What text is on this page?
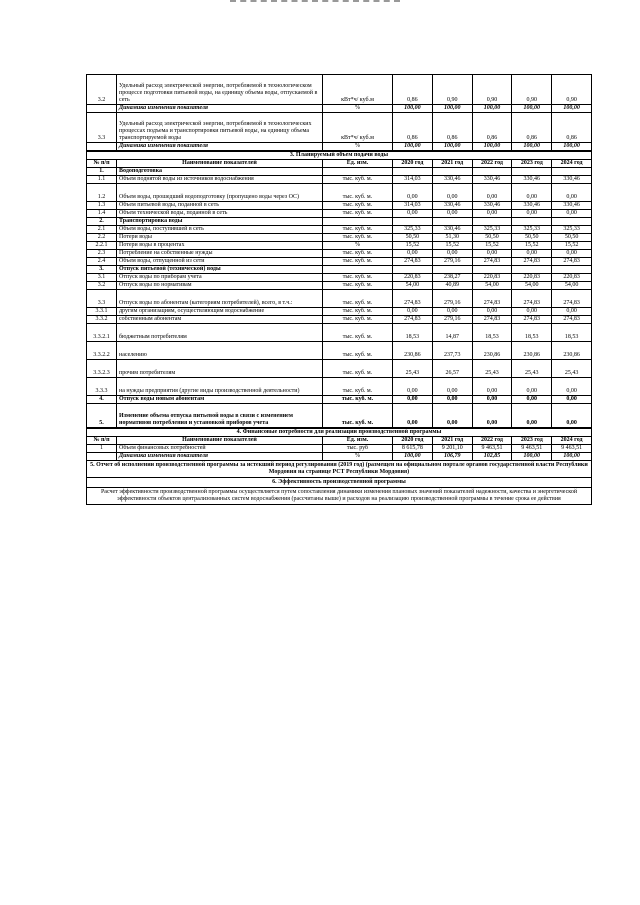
3.2	Удельный расход электрической энергии, потребляемой в технологическом процессе подготовки питьевой воды, на единицу объема воды, отпускаемой в сеть	кВт*ч/ куб.м	0,86	0,90	0,90	0,90	0,90
	Динамика изменения показателя	%	100,00	100,00	100,00	100,00	100,00
3.3	Удельный расход электрической энергии, потребляемой в технологических процессах подъема и транспортировки питьевой воды, на единицу объема транспортируемой воды	кВт*ч/ куб.м	0,86	0,86	0,86	0,86	0,86
	Динамика изменения показателя	%	100,00	100,00	100,00	100,00	100,00
3. Планируемый объем подачи воды							
№ п/п	Наименование показателей	Ед. изм.	2020 год	2021 год	2022 год	2023 год	2024 год
1.	Водоподготовка						
1.1	Объем поднятой воды из источников водоснабжения	тыс. куб. м.	314,03	330,46	330,46	330,46	330,46
1.2	Объем воды, прошедший водоподготовку (пропущено воды через ОС)	тыс. куб. м.	0,00	0,00	0,00	0,00	0,00
1.3	Объем питьевой воды, поданной в сеть	тыс. куб. м.	314,03	330,46	330,46	330,46	330,46
1.4	Объем технической воды, поданной в сеть	тыс. куб. м.	0,00	0,00	0,00	0,00	0,00
2.	Транспортировка воды						
2.1	Объем воды, поступившей в сеть	тыс. куб. м.	325,33	330,46	325,33	325,33	325,33
2.2	Потери воды	тыс. куб. м.	50,50	51,30	50,50	50,50	50,50
2.2.1	Потери воды в процентах	%	15,52	15,52	15,52	15,52	15,52
2.3	Потребление на собственные нужды	тыс. куб. м.	0,00	0,00	0,00	0,00	0,00
2.4	Объем воды, отпущенной из сети	тыс. куб. м.	274,83	279,16	274,83	274,83	274,83
3.	Отпуск питьевой (технической) воды						
3.1	Отпуск воды по приборам учета	тыс. куб. м.	220,83	238,27	220,83	220,83	220,83
3.2	Отпуск воды по нормативам	тыс. куб. м.	54,00	40,89	54,00	54,00	54,00
3.3	Отпуск воды по абонентам (категориям потребителей), всего, в т.ч.:	тыс. куб. м.	274,83	279,16	274,83	274,83	274,83
3.3.1	другим организациям, осуществляющим водоснабжение	тыс. куб. м.	0,00	0,00	0,00	0,00	0,00
3.3.2	собственным абонентам	тыс. куб. м.	274,83	279,16	274,83	274,83	274,83
3.3.2.1	бюджетным потребителям	тыс. куб. м.	18,53	14,87	18,53	18,53	18,53
3.3.2.2	населению	тыс. куб. м.	230,86	237,73	230,86	230,86	230,86
3.3.2.3	прочим потребителям	тыс. куб. м.	25,43	26,57	25,43	25,43	25,43
3.3.3	на нужды предприятия (другие виды производственной деятельности)	тыс. куб. м.	0,00	0,00	0,00	0,00	0,00
4.	Отпуск воды новым абонентам	тыс. куб. м.	0,00	0,00	0,00	0,00	0,00
5.	Изменение объема отпуска питьевой воды в связи с изменением нормативов потребления и установкой приборов учета	тыс. куб. м.	0,00	0,00	0,00	0,00	0,00
4. Финансовые потребности для реализации производственной программы							
№ п/п	Наименование показателей	Ед. изм.	2020 год	2021 год	2022 год	2023 год	2024 год
1	Объем финансовых потребностей	тыс. руб	8 615,78	9 201,10	9 463,51	9 463,51	9 463,51
	Динамика изменения показателя	%	100,00	106,79	102,85	100,00	100,00
5. Отчет об исполнении производственной программы за истекший период регулирования (2019 год) (размещен на официальном портале органов государственной власти Республики Мордовия на странице РСТ Республики Мордовия)
6. Эффективность производственной программы
Расчет эффективности производственной программы осуществляется путем сопоставления динамики изменения плановых значений показателей надежности, качества и энергетической эффективности объектов централизованных систем водоснабжения (рассчитаны выше) и расходов на реализацию производственной программы в течение срока ее действия
